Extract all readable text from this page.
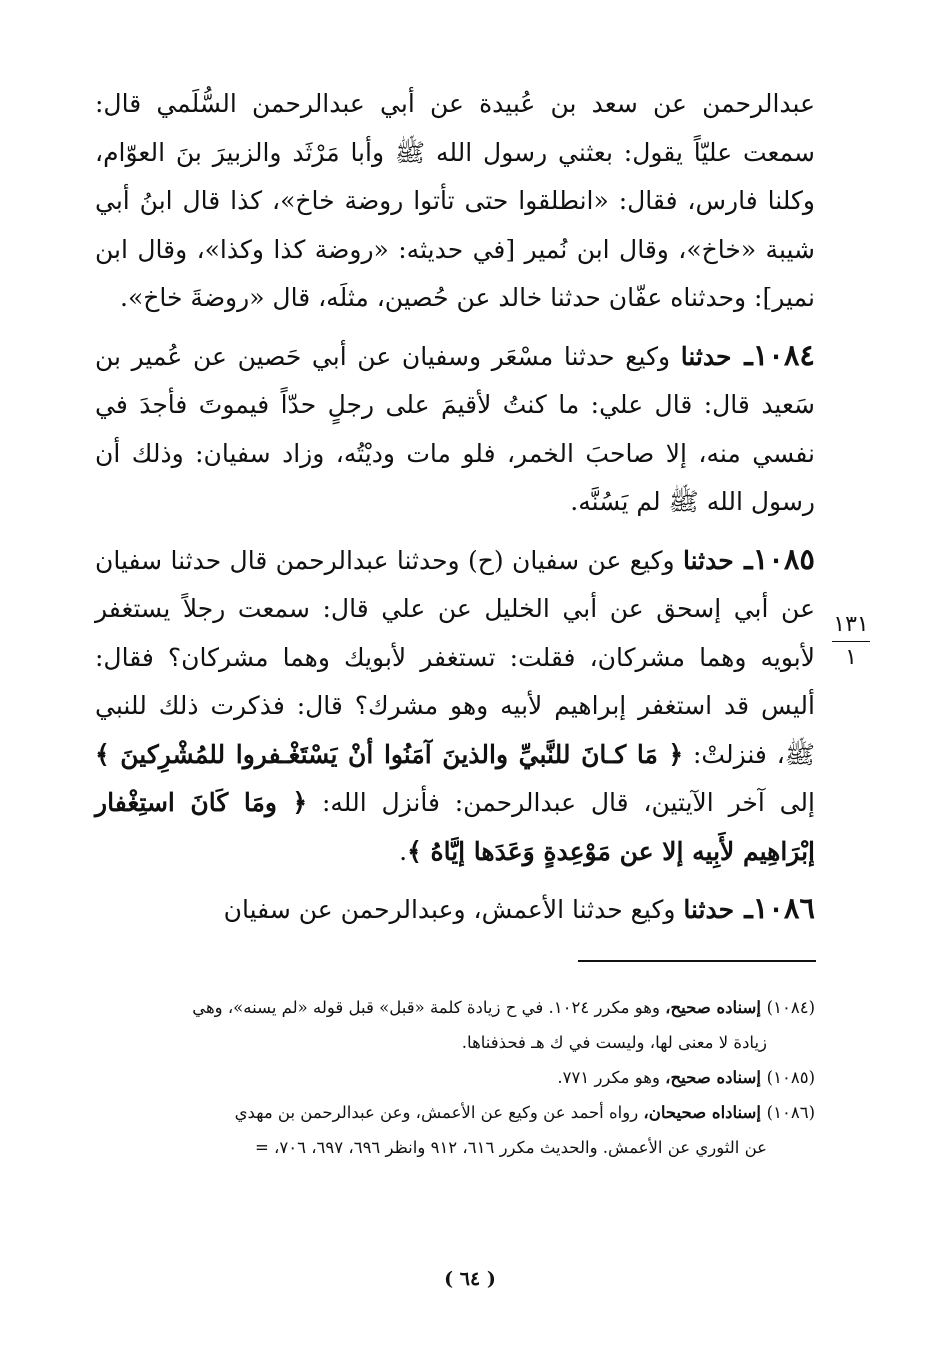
عبدالرحمن عن سعد بن عُبيدة عن أبي عبدالرحمن السُّلَمي قال: سمعت عليّاً يقول: بعثني رسول الله ﷺ وأبا مَرْثَد والزبيرَ بنَ العوّام، وكلنا فارس، فقال: «انطلقوا حتى تأتوا روضة خاخ»، كذا قال ابنُ أبي شيبة «خاخ»، وقال ابن نُمير [في حديثه: «روضة كذا وكذا»، وقال ابن نمير]: وحدثناه عفّان حدثنا خالد عن حُصين، مثلَه، قال «روضةَ خاخ».

١٠٨٤ـ حدثنا وكيع حدثنا مسْعَر وسفيان عن أبي حَصين عن عُمير بن سَعيد قال: قال علي: ما كنتُ لأقيمَ على رجلٍ حدّاً فيموتَ فأجدَ في نفسي منه، إلا صاحبَ الخمر، فلو مات وديْتُه، وزاد سفيان: وذلك أن رسول الله ﷺ لم يَسُنَّه.

١٠٨٥ـ حدثنا وكيع عن سفيان (ح) وحدثنا عبدالرحمن قال حدثنا سفيان عن أبي إسحق عن أبي الخليل عن علي قال: سمعت رجلاً يستغفر لأبويه وهما مشركان، فقلت: تستغفر لأبويك وهما مشركان؟ فقال: أليس قد استغفر إبراهيم لأبيه وهو مشرك؟ قال: فذكرت ذلك للنبي ﷺ، فنزلتْ: ﴿ مَا كـانَ للنَّبيِّ والذينَ آمَنُوا أنْ يَسْتَغْـفروا للمُشْرِكينَ ﴾ إلى آخر الآيتين، قال عبدالرحمن: فأنزل الله: ﴿ ومَا كَانَ استِغْفار إبْرَاهِيم لأَبِيه إلا عن مَوْعِدةٍ وَعَدَها إيَّاهُ ﴾.

١٠٨٦ـ حدثنا وكيع حدثنا الأعمش، وعبدالرحمن عن سفيان

١٣١
١

(١٠٨٤) إسناده صحيح، وهو مكرر ١٠٢٤. في ح زيادة كلمة «قبل» قبل قوله «لم يسنه»، وهي
زيادة لا معنى لها، وليست في ك هـ فحذفناها.

(١٠٨٥) إسناده صحيح، وهو مكرر ٧٧١.

(١٠٨٦) إسناداه صحيحان، رواه أحمد عن وكيع عن الأعمش، وعن عبدالرحمن بن مهدي
عن الثوري عن الأعمش. والحديث مكرر ٦١٦، ٩١٢ وانظر ٦٩٦، ٦٩٧، ٧٠٦، =

( ٦٤ )
